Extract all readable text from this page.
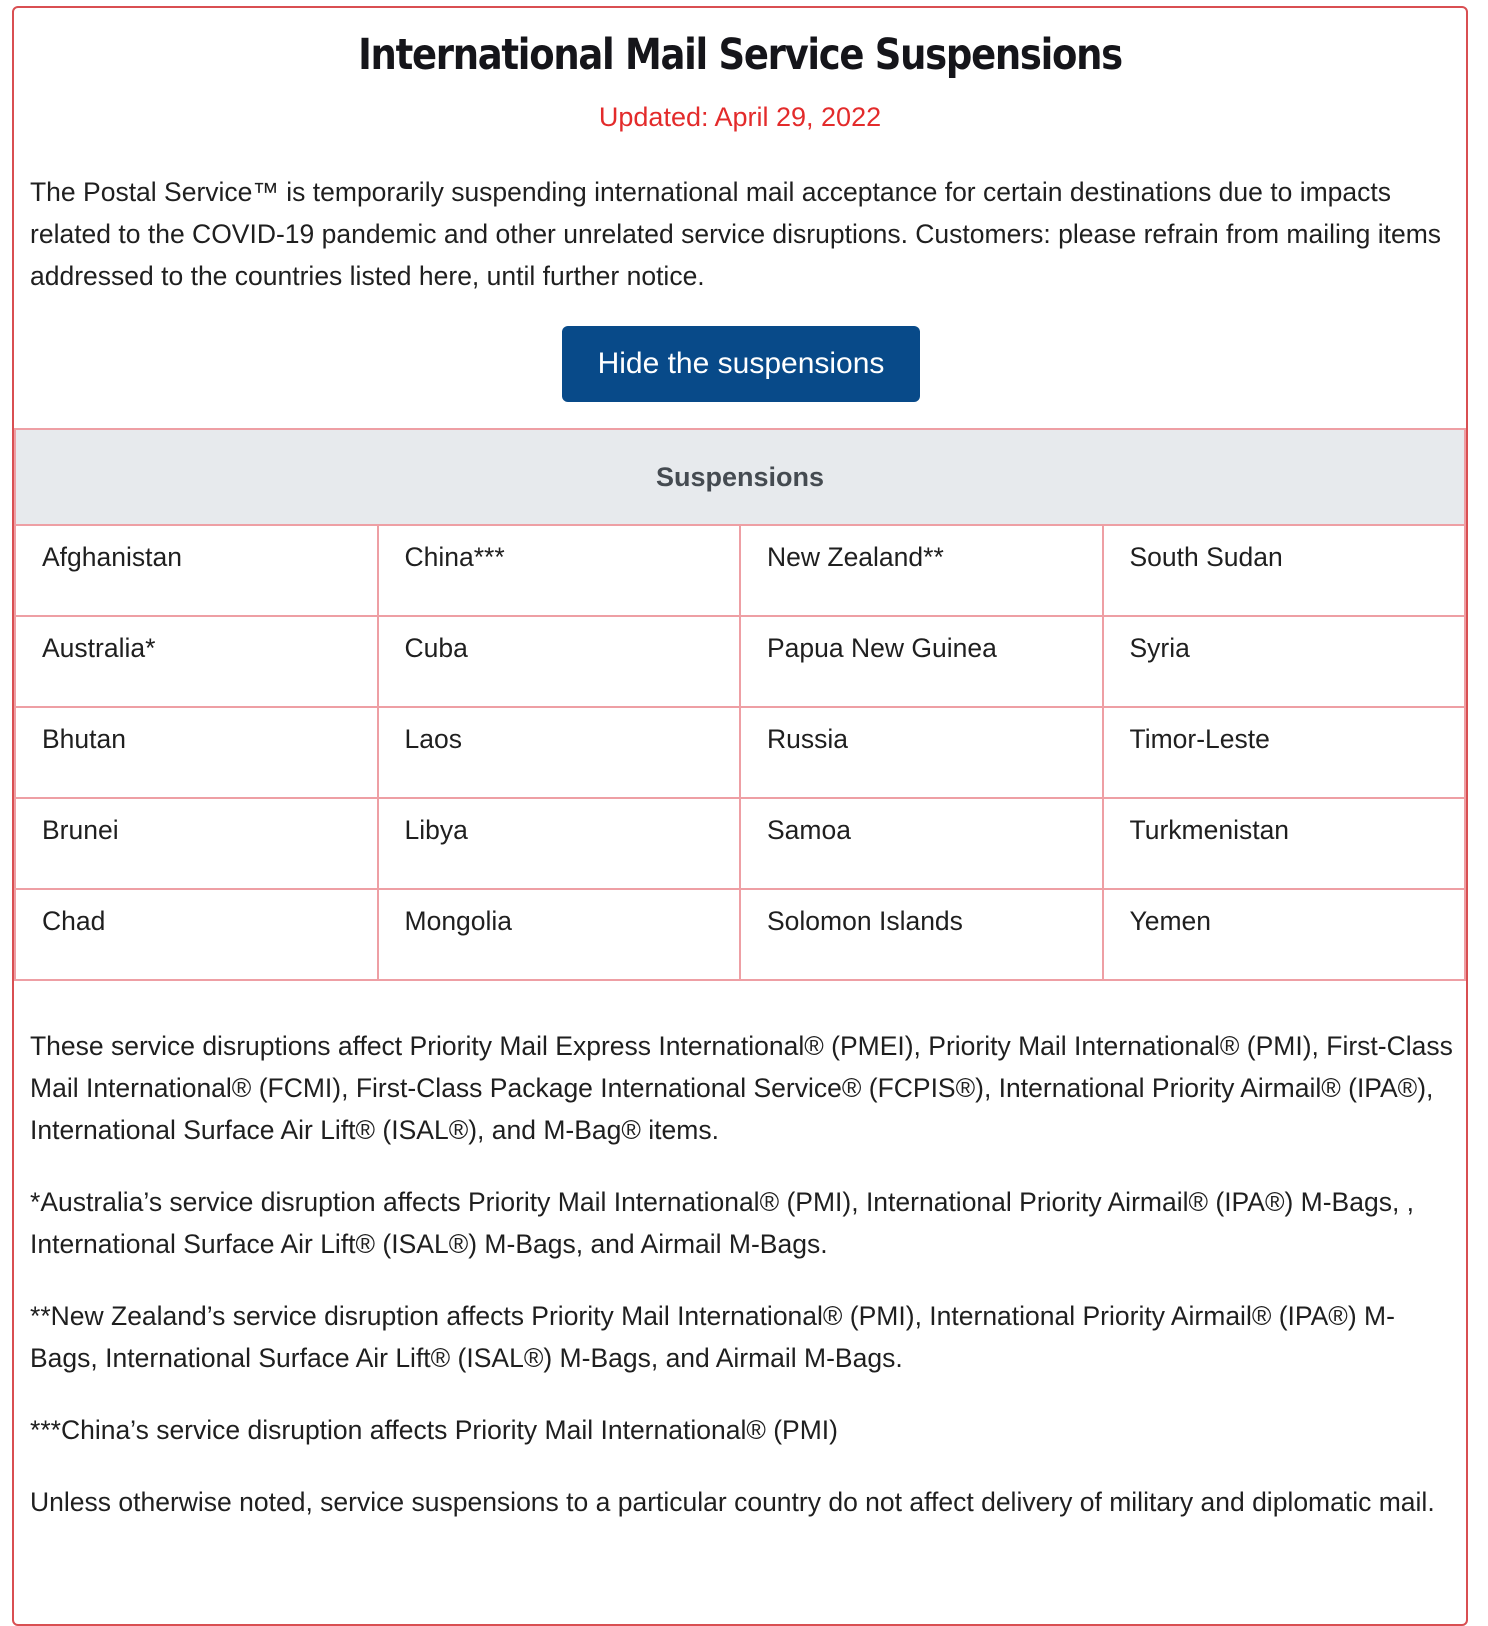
International Mail Service Suspensions
Updated: April 29, 2022

The Postal Service™ is temporarily suspending international mail acceptance for certain destinations due to impacts related to the COVID-19 pandemic and other unrelated service disruptions. Customers: please refrain from mailing items addressed to the countries listed here, until further notice.

Hide the suspensions
Suspensions			
Afghanistan	China***	New Zealand**	South Sudan
Australia*	Cuba	Papua New Guinea	Syria
Bhutan	Laos	Russia	Timor-Leste
Brunei	Libya	Samoa	Turkmenistan
Chad	Mongolia	Solomon Islands	Yemen

These service disruptions affect Priority Mail Express International® (PMEI), Priority Mail International® (PMI), First-Class Mail International® (FCMI), First-Class Package International Service® (FCPIS®), International Priority Airmail® (IPA®), International Surface Air Lift® (ISAL®), and M-Bag® items.

*Australia’s service disruption affects Priority Mail International® (PMI), International Priority Airmail® (IPA®) M-Bags, , International Surface Air Lift® (ISAL®) M-Bags, and Airmail M-Bags.

**New Zealand’s service disruption affects Priority Mail International® (PMI), International Priority Airmail® (IPA®) M-Bags, International Surface Air Lift® (ISAL®) M-Bags, and Airmail M-Bags.

***China’s service disruption affects Priority Mail International® (PMI)

Unless otherwise noted, service suspensions to a particular country do not affect delivery of military and diplomatic mail.
